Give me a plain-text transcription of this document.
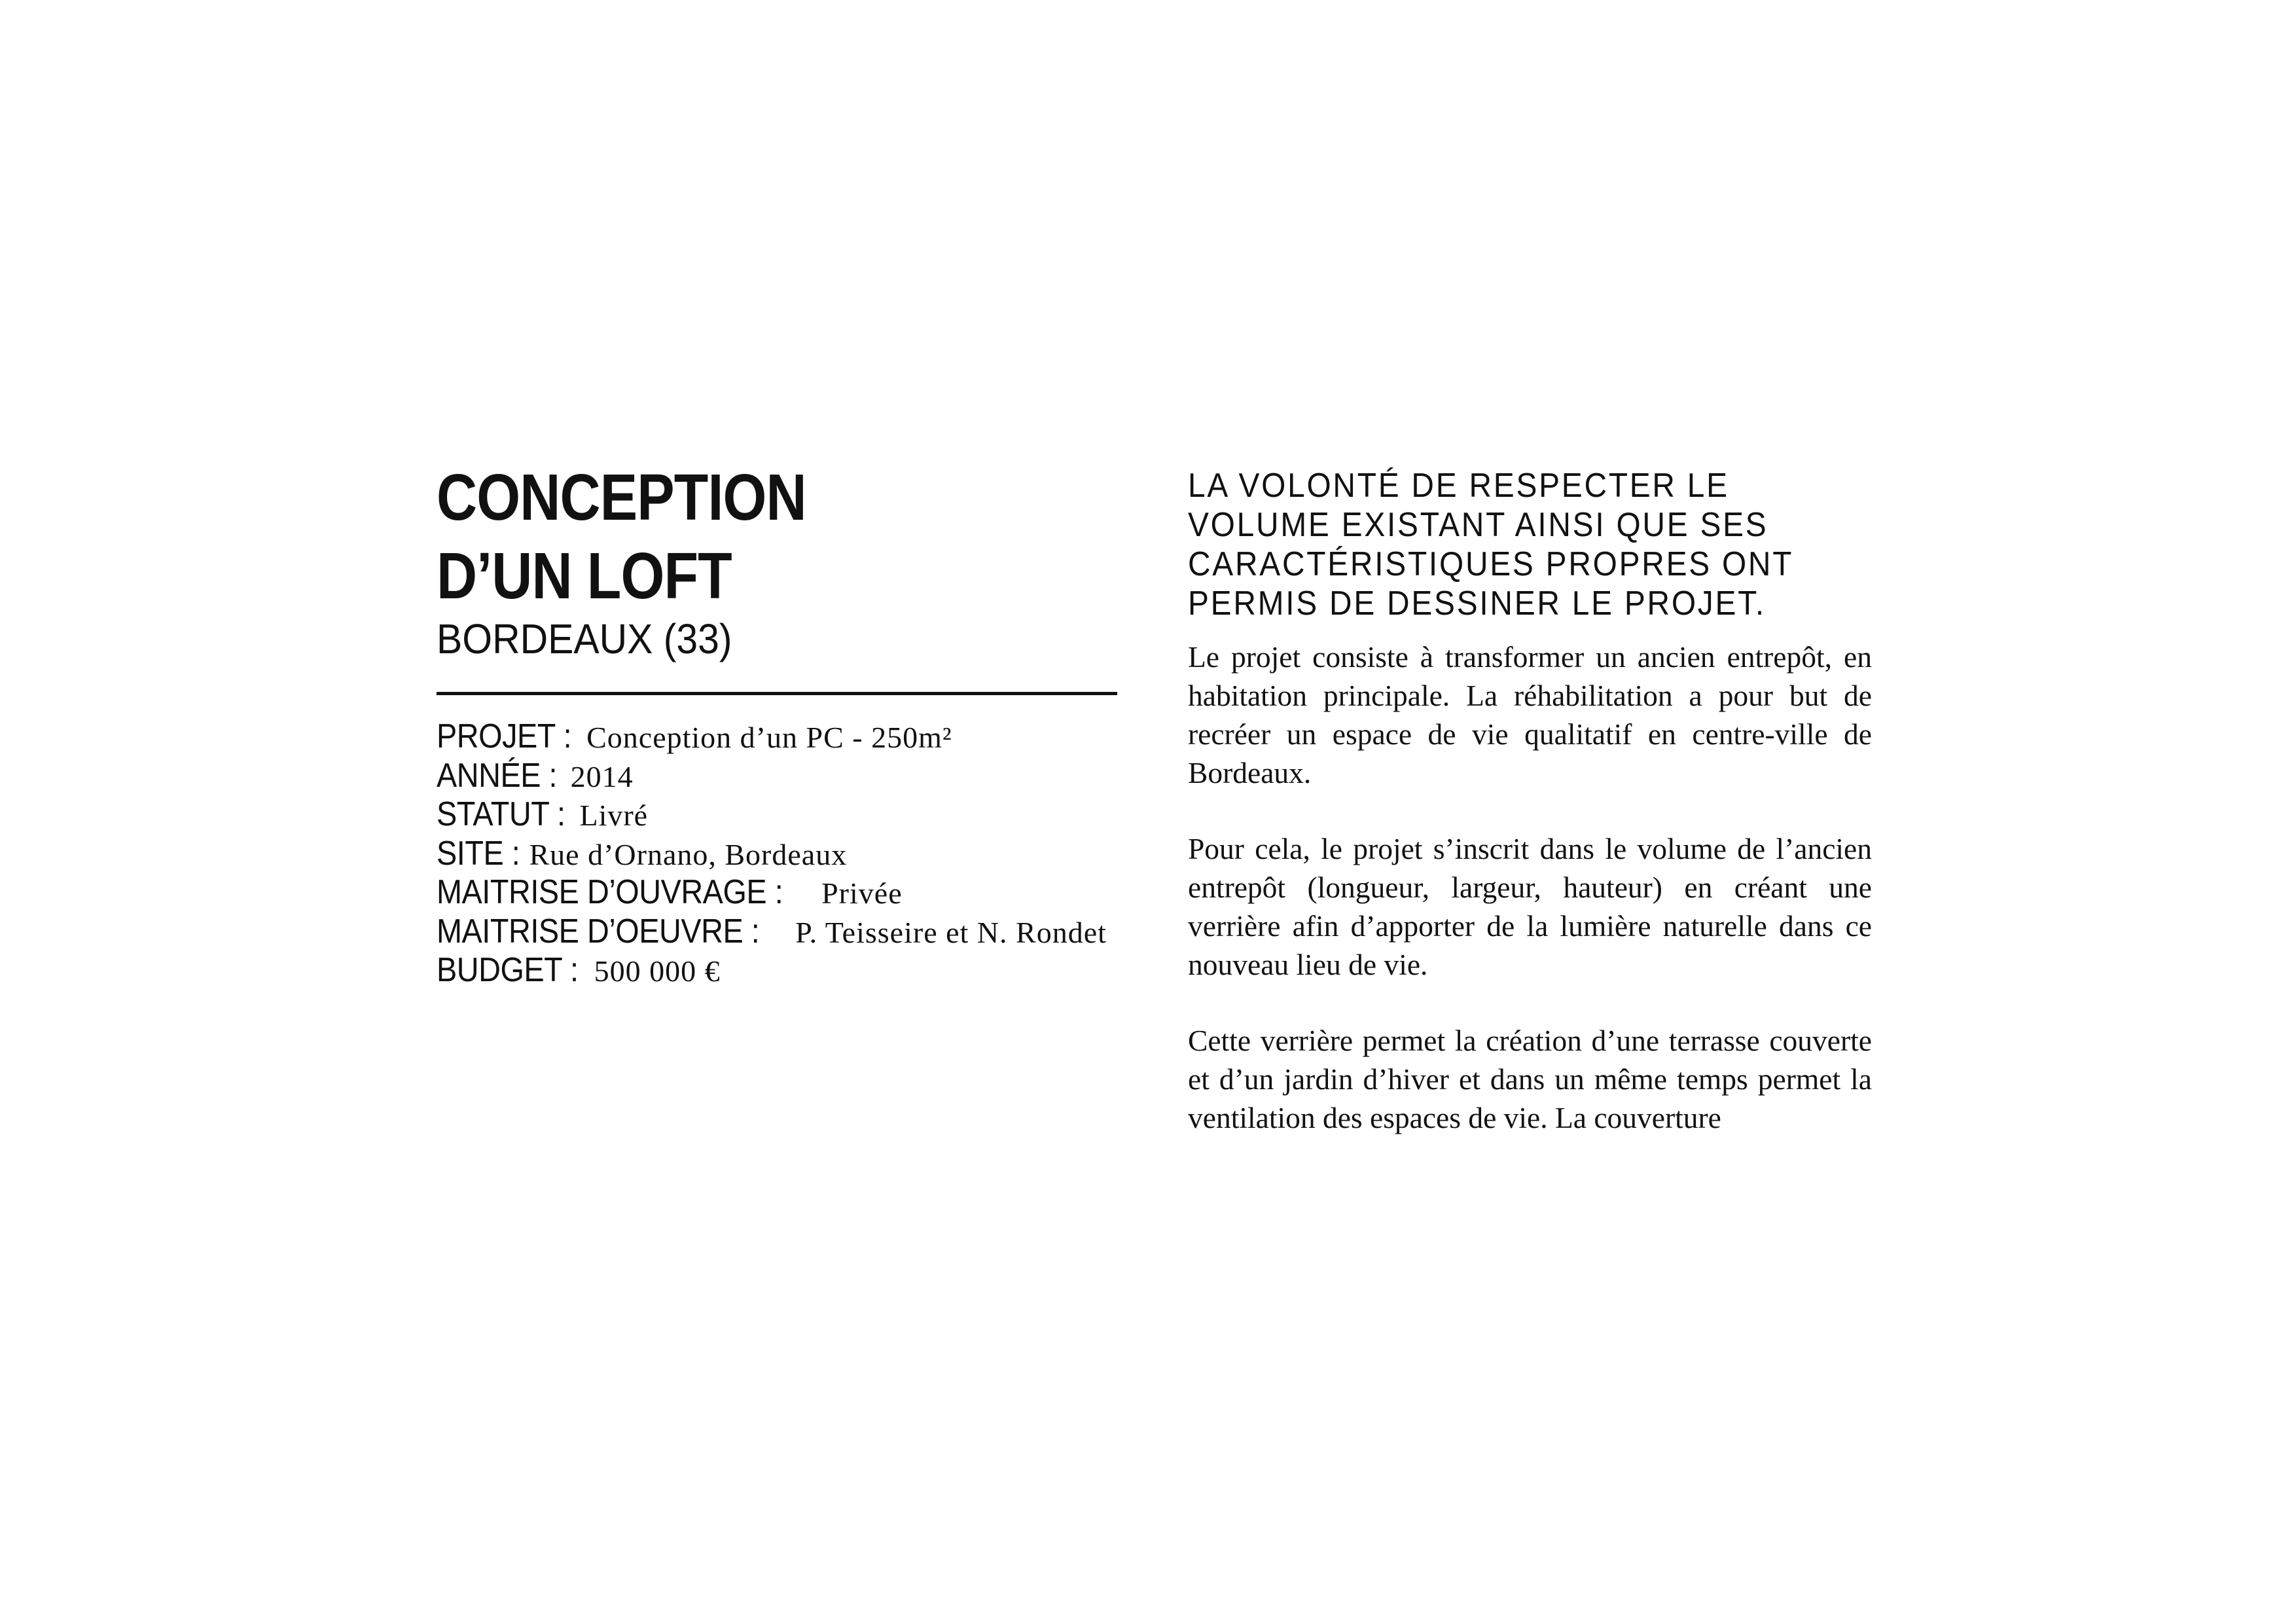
CONCEPTION
D’UN LOFT
BORDEAUX (33)
PROJET :Conception d’un PC - 250m²
ANNÉE :2014
STATUT :Livré
SITE :Rue d’Ornano, Bordeaux
MAITRISE D’OUVRAGE :Privée
MAITRISE D’OEUVRE :P. Teisseire et N. Rondet
BUDGET :500 000 €
LA VOLONTÉ DE RESPECTER LE
VOLUME EXISTANT AINSI QUE SES
CARACTÉRISTIQUES PROPRES ONT
PERMIS DE DESSINER LE PROJET.

Le projet consiste à transformer un ancien entrepôt, en habitation principale. La réhabilitation a pour but de recréer un espace de vie qualitatif en centre-ville de Bordeaux.

Pour cela, le projet s’inscrit dans le volume de l’ancien entrepôt (longueur, largeur, hauteur) en créant une verrière afin d’apporter de la lumière naturelle dans ce nouveau lieu de vie.

Cette verrière permet la création d’une terrasse couverte et d’un jardin d’hiver et dans un même temps permet la ventilation des espaces de vie. La couverture
